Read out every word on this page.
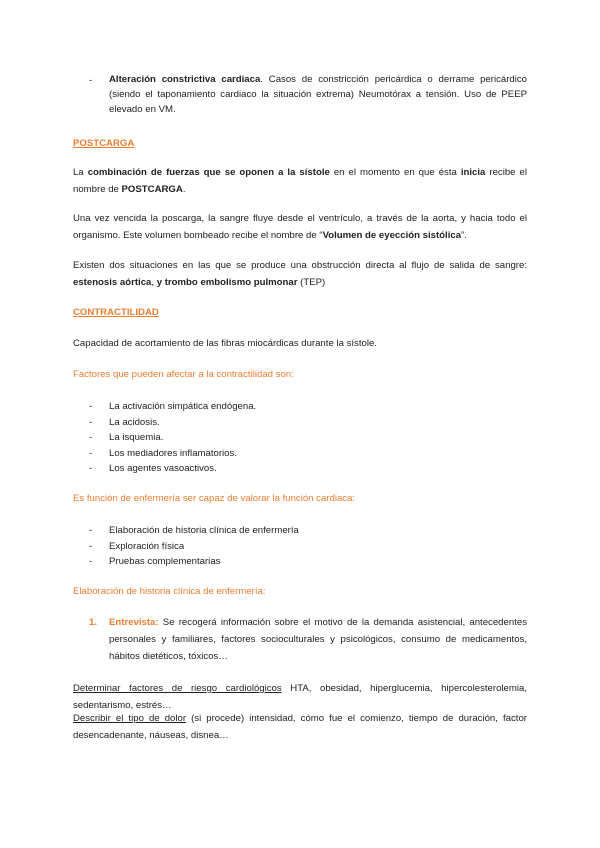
- Alteración constrictiva cardiaca. Casos de constricción pericárdica o derrame pericárdico (siendo el taponamiento cardiaco la situación extrema) Neumotórax a tensión. Uso de PEEP elevado en VM.
POSTCARGA
La combinación de fuerzas que se oponen a la sístole en el momento en que ésta inicia recibe el nombre de POSTCARGA.
Una vez vencida la poscarga, la sangre fluye desde el ventrículo, a través de la aorta, y hacia todo el organismo. Este volumen bombeado recibe el nombre de “Volumen de eyección sistólica”.
Existen dos situaciones en las que se produce una obstrucción directa al flujo de salida de sangre: estenosis aórtica, y trombo embolismo pulmonar (TEP)
CONTRACTILIDAD
Capacidad de acortamiento de las fibras miocárdicas durante la sístole.
Factores que pueden afectar a la contractilidad son:
- La activación simpática endógena.
- La acidosis.
- La isquemia.
- Los mediadores inflamatorios.
- Los agentes vasoactivos.
Es función de enfermería ser capaz de valorar la función cardiaca:
- Elaboración de historia clínica de enfermería
- Exploración física
- Pruebas complementarias
Elaboración de historia clínica de enfermería:
1. Entrevista: Se recogerá información sobre el motivo de la demanda asistencial, antecedentes personales y familiares, factores socioculturales y psicológicos, consumo de medicamentos, hábitos dietéticos, tóxicos…
Determinar factores de riesgo cardiológicos HTA, obesidad, hiperglucemia, hipercolesterolemia, sedentarismo, estrés…
Describir el tipo de dolor (si procede) intensidad, cómo fue el comienzo, tiempo de duración, factor desencadenante, náuseas, disnea…
